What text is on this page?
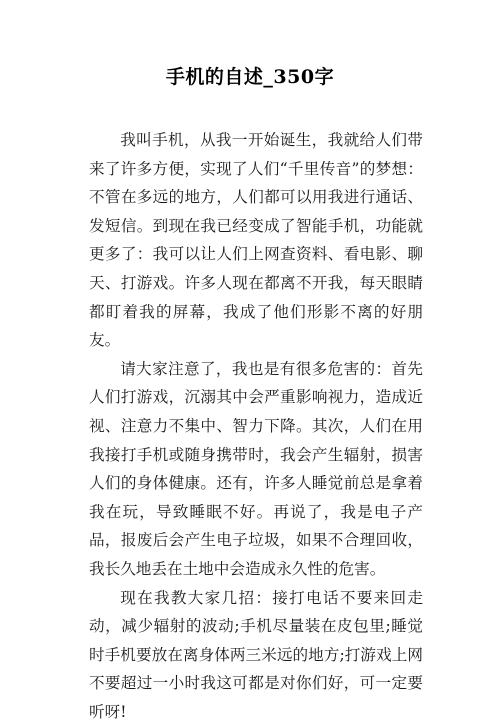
手机的自述_350字

我叫手机，从我一开始诞生，我就给人们带来了许多方便，实现了人们“千里传音”的梦想：不管在多远的地方，人们都可以用我进行通话、发短信。到现在我已经变成了智能手机，功能就更多了：我可以让人们上网查资料、看电影、聊天、打游戏。许多人现在都离不开我，每天眼睛都盯着我的屏幕，我成了他们形影不离的好朋友。

请大家注意了，我也是有很多危害的：首先人们打游戏，沉溺其中会严重影响视力，造成近视、注意力不集中、智力下降。其次，人们在用我接打手机或随身携带时，我会产生辐射，损害人们的身体健康。还有，许多人睡觉前总是拿着我在玩，导致睡眠不好。再说了，我是电子产品，报废后会产生电子垃圾，如果不合理回收，我长久地丢在土地中会造成永久性的危害。

现在我教大家几招：接打电话不要来回走动，减少辐射的波动;手机尽量装在皮包里;睡觉时手机要放在离身体两三米远的地方;打游戏上网不要超过一小时我这可都是对你们好，可一定要听呀!
